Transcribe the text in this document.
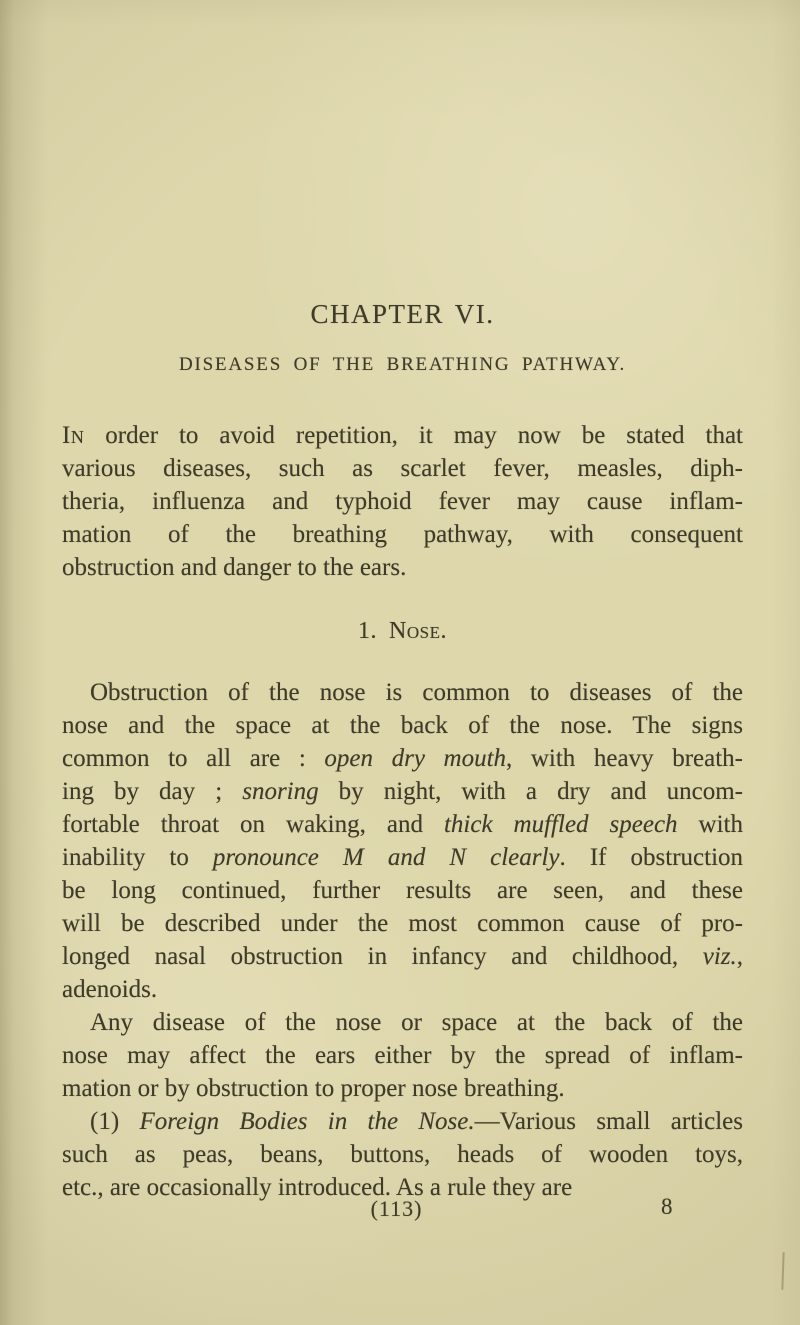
CHAPTER VI.
DISEASES OF THE BREATHING PATHWAY.
In order to avoid repetition, it may now be stated that
various diseases, such as scarlet fever, measles, diph-
theria, influenza and typhoid fever may cause inflam-
mation of the breathing pathway, with consequent
obstruction and danger to the ears.
1. Nose.
Obstruction of the nose is common to diseases of the
nose and the space at the back of the nose. The signs
common to all are : open dry mouth, with heavy breath-
ing by day ; snoring by night, with a dry and uncom-
fortable throat on waking, and thick muffled speech with
inability to pronounce M and N clearly. If obstruction
be long continued, further results are seen, and these
will be described under the most common cause of pro-
longed nasal obstruction in infancy and childhood, viz.,
adenoids.
Any disease of the nose or space at the back of the
nose may affect the ears either by the spread of inflam-
mation or by obstruction to proper nose breathing.
(1) Foreign Bodies in the Nose.—Various small articles
such as peas, beans, buttons, heads of wooden toys,
etc., are occasionally introduced. As a rule they are
(113)	8
